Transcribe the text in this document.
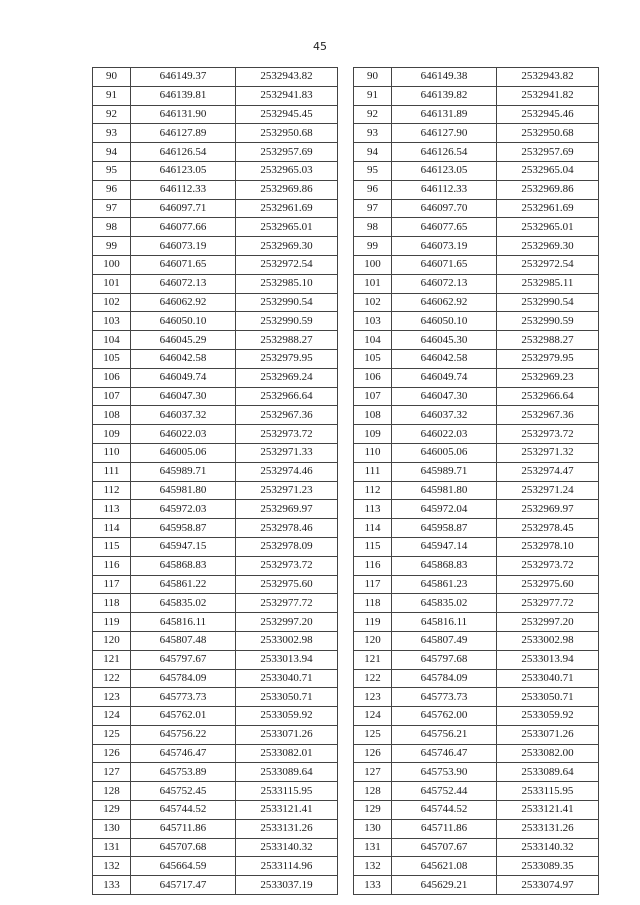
45
90	646149.37	2532943.82
91	646139.81	2532941.83
92	646131.90	2532945.45
93	646127.89	2532950.68
94	646126.54	2532957.69
95	646123.05	2532965.03
96	646112.33	2532969.86
97	646097.71	2532961.69
98	646077.66	2532965.01
99	646073.19	2532969.30
100	646071.65	2532972.54
101	646072.13	2532985.10
102	646062.92	2532990.54
103	646050.10	2532990.59
104	646045.29	2532988.27
105	646042.58	2532979.95
106	646049.74	2532969.24
107	646047.30	2532966.64
108	646037.32	2532967.36
109	646022.03	2532973.72
110	646005.06	2532971.33
111	645989.71	2532974.46
112	645981.80	2532971.23
113	645972.03	2532969.97
114	645958.87	2532978.46
115	645947.15	2532978.09
116	645868.83	2532973.72
117	645861.22	2532975.60
118	645835.02	2532977.72
119	645816.11	2532997.20
120	645807.48	2533002.98
121	645797.67	2533013.94
122	645784.09	2533040.71
123	645773.73	2533050.71
124	645762.01	2533059.92
125	645756.22	2533071.26
126	645746.47	2533082.01
127	645753.89	2533089.64
128	645752.45	2533115.95
129	645744.52	2533121.41
130	645711.86	2533131.26
131	645707.68	2533140.32
132	645664.59	2533114.96
133	645717.47	2533037.19
90	646149.38	2532943.82
91	646139.82	2532941.82
92	646131.89	2532945.46
93	646127.90	2532950.68
94	646126.54	2532957.69
95	646123.05	2532965.04
96	646112.33	2532969.86
97	646097.70	2532961.69
98	646077.65	2532965.01
99	646073.19	2532969.30
100	646071.65	2532972.54
101	646072.13	2532985.11
102	646062.92	2532990.54
103	646050.10	2532990.59
104	646045.30	2532988.27
105	646042.58	2532979.95
106	646049.74	2532969.23
107	646047.30	2532966.64
108	646037.32	2532967.36
109	646022.03	2532973.72
110	646005.06	2532971.32
111	645989.71	2532974.47
112	645981.80	2532971.24
113	645972.04	2532969.97
114	645958.87	2532978.45
115	645947.14	2532978.10
116	645868.83	2532973.72
117	645861.23	2532975.60
118	645835.02	2532977.72
119	645816.11	2532997.20
120	645807.49	2533002.98
121	645797.68	2533013.94
122	645784.09	2533040.71
123	645773.73	2533050.71
124	645762.00	2533059.92
125	645756.21	2533071.26
126	645746.47	2533082.00
127	645753.90	2533089.64
128	645752.44	2533115.95
129	645744.52	2533121.41
130	645711.86	2533131.26
131	645707.67	2533140.32
132	645621.08	2533089.35
133	645629.21	2533074.97
